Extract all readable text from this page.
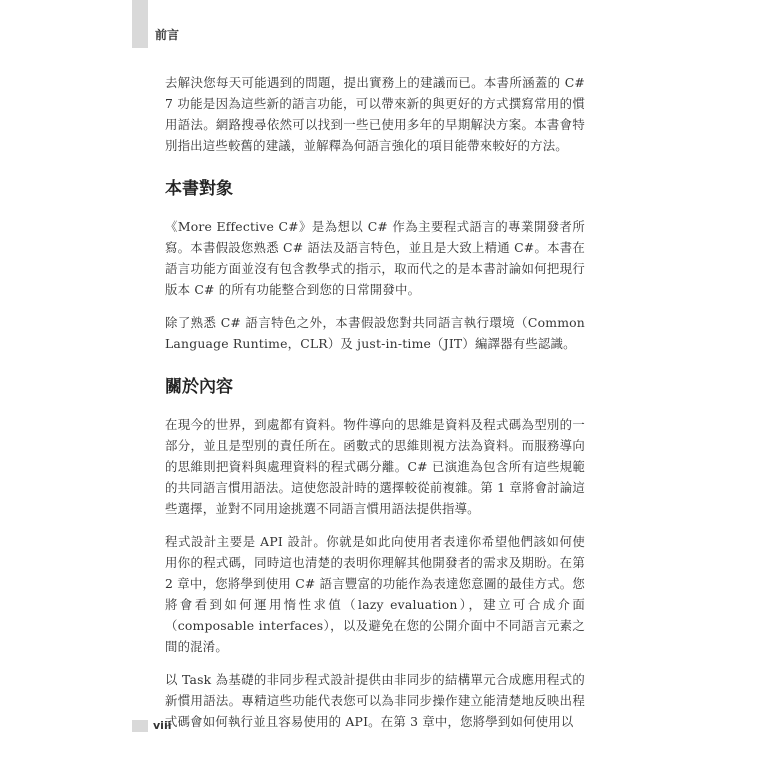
前言

去解決您每天可能遇到的問題，提出實務上的建議而已。本書所涵蓋的 C# 7 功能是因為這些新的語言功能，可以帶來新的與更好的方式撰寫常用的慣用語法。網路搜尋依然可以找到一些已使用多年的早期解決方案。本書會特別指出這些較舊的建議，並解釋為何語言強化的項目能帶來較好的方法。

本書對象

《More Effective C#》是為想以 C# 作為主要程式語言的專業開發者所寫。本書假設您熟悉 C# 語法及語言特色，並且是大致上精通 C#。本書在語言功能方面並沒有包含教學式的指示，取而代之的是本書討論如何把現行版本 C# 的所有功能整合到您的日常開發中。

除了熟悉 C# 語言特色之外，本書假設您對共同語言執行環境（Common Language Runtime，CLR）及 just-in-time（JIT）編譯器有些認識。

關於內容

在現今的世界，到處都有資料。物件導向的思維是資料及程式碼為型別的一部分，並且是型別的責任所在。函數式的思維則視方法為資料。而服務導向的思維則把資料與處理資料的程式碼分離。C# 已演進為包含所有這些規範的共同語言慣用語法。這使您設計時的選擇較從前複雜。第 1 章將會討論這些選擇，並對不同用途挑選不同語言慣用語法提供指導。

程式設計主要是 API 設計。你就是如此向使用者表達你希望他們該如何使用你的程式碼，同時這也清楚的表明你理解其他開發者的需求及期盼。在第 2 章中，您將學到使用 C# 語言豐富的功能作為表達您意圖的最佳方式。您將會看到如何運用惰性求值（lazy evaluation），建立可合成介面（composable interfaces），以及避免在您的公開介面中不同語言元素之間的混淆。

以 Task 為基礎的非同步程式設計提供由非同步的結構單元合成應用程式的新慣用語法。專精這些功能代表您可以為非同步操作建立能清楚地反映出程式碼會如何執行並且容易使用的 API。在第 3 章中，您將學到如何使用以

viii
